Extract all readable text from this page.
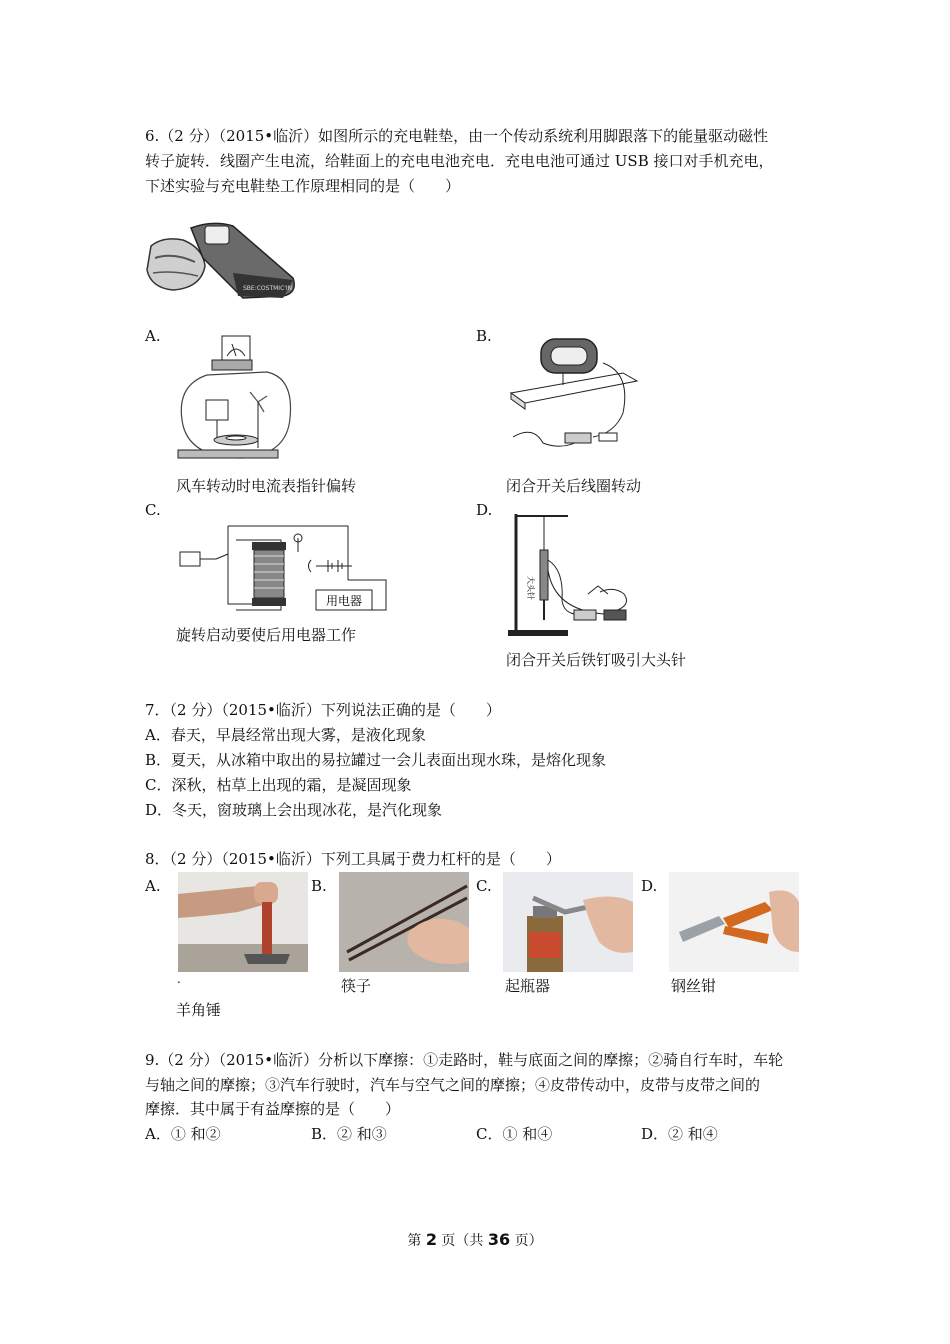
6.（2 分）（2015•临沂）如图所示的充电鞋垫，由一个传动系统利用脚跟落下的能量驱动磁性
转子旋转．线圈产生电流，给鞋面上的充电电池充电．充电电池可通过 USB 接口对手机充电，
下述实验与充电鞋垫工作原理相同的是（　　）
SBE:COSTMIC'IN
A.
风车转动时电流表指针偏转
B.
闭合开关后线圈转动
C.
用电器
旋转启动要使后用电器工作
D.
大头针
闭合开关后铁钉吸引大头针
7．（2 分）（2015•临沂）下列说法正确的是（　　）
A．春天，早晨经常出现大雾，是液化现象
B．夏天，从冰箱中取出的易拉罐过一会儿表面出现水珠，是熔化现象
C．深秋，枯草上出现的霜，是凝固现象
D．冬天，窗玻璃上会出现冰花，是汽化现象
8．（2 分）（2015•临沂）下列工具属于费力杠杆的是（　　）
A.
.
羊角锤
B.
筷子
C.
起瓶器
D.
钢丝钳
9.（2 分）（2015•临沂）分析以下摩擦：①走路时，鞋与底面之间的摩擦；②骑自行车时，车轮
与轴之间的摩擦；③汽车行驶时，汽车与空气之间的摩擦；④皮带传动中，皮带与皮带之间的
摩擦．其中属于有益摩擦的是（　　）
A．① 和②	B．② 和③	C．① 和④	D．② 和④
第 2 页（共 36 页）
